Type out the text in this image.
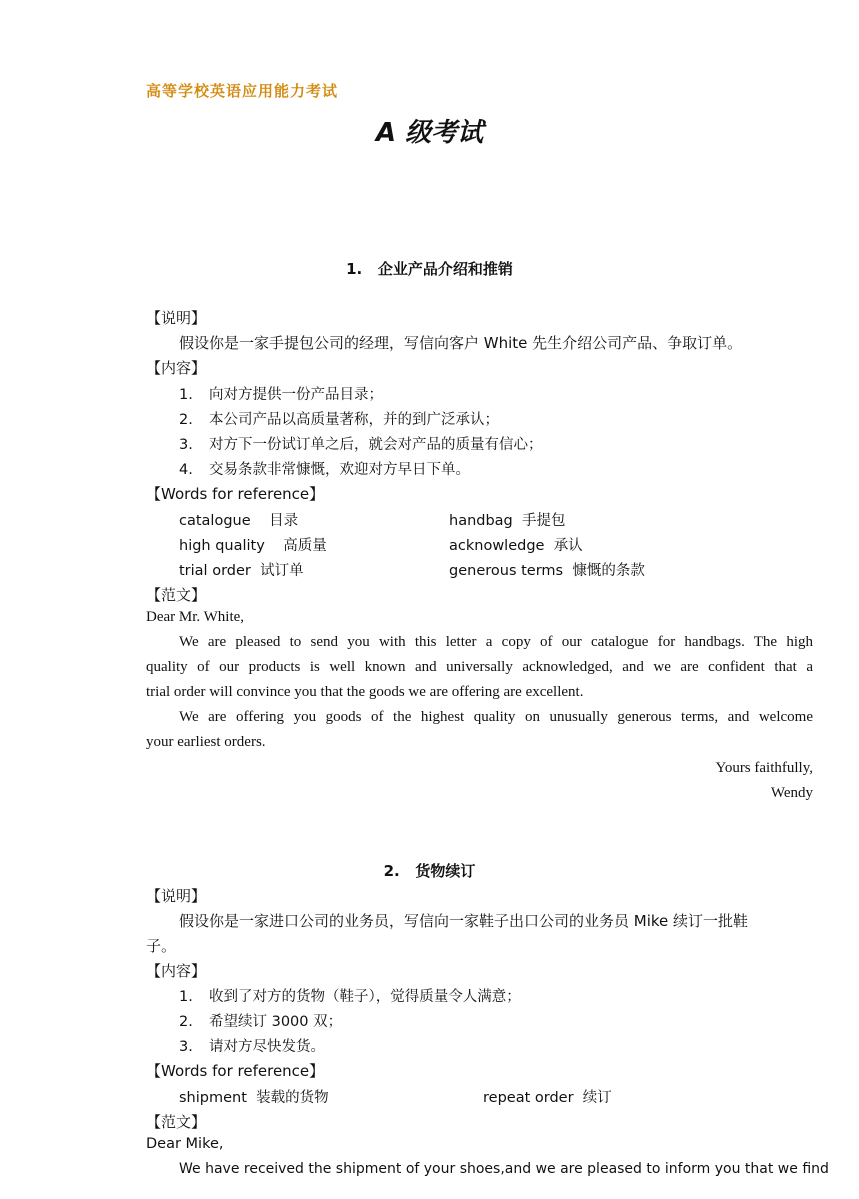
高等学校英语应用能力考试
A 级考试
1. 企业产品介绍和推销
【说明】
假设你是一家手提包公司的经理，写信向客户 White 先生介绍公司产品、争取订单。
【内容】
1. 向对方提供一份产品目录；
2. 本公司产品以高质量著称，并的到广泛承认；
3. 对方下一份试订单之后，就会对产品的质量有信心；
4. 交易条款非常慷慨，欢迎对方早日下单。
【Words for reference】
catalogue 目录	handbag 手提包
high quality 高质量	acknowledge 承认
trial order 试订单	generous terms 慷慨的条款
【范文】
Dear Mr. White,
We are pleased to send you with this letter a copy of our catalogue for handbags. The high
quality of our products is well known and universally acknowledged, and we are confident that a
trial order will convince you that the goods we are offering are excellent.
We are offering you goods of the highest quality on unusually generous terms, and welcome
your earliest orders.
Yours faithfully,
Wendy
2. 货物续订
【说明】
假设你是一家进口公司的业务员，写信向一家鞋子出口公司的业务员 Mike 续订一批鞋
子。
【内容】
1. 收到了对方的货物（鞋子），觉得质量令人满意；
2. 希望续订 3000 双；
3. 请对方尽快发货。
【Words for reference】
shipment 装载的货物	repeat order 续订
【范文】
Dear Mike,
We have received the shipment of your shoes,and we are pleased to inform you that we find
